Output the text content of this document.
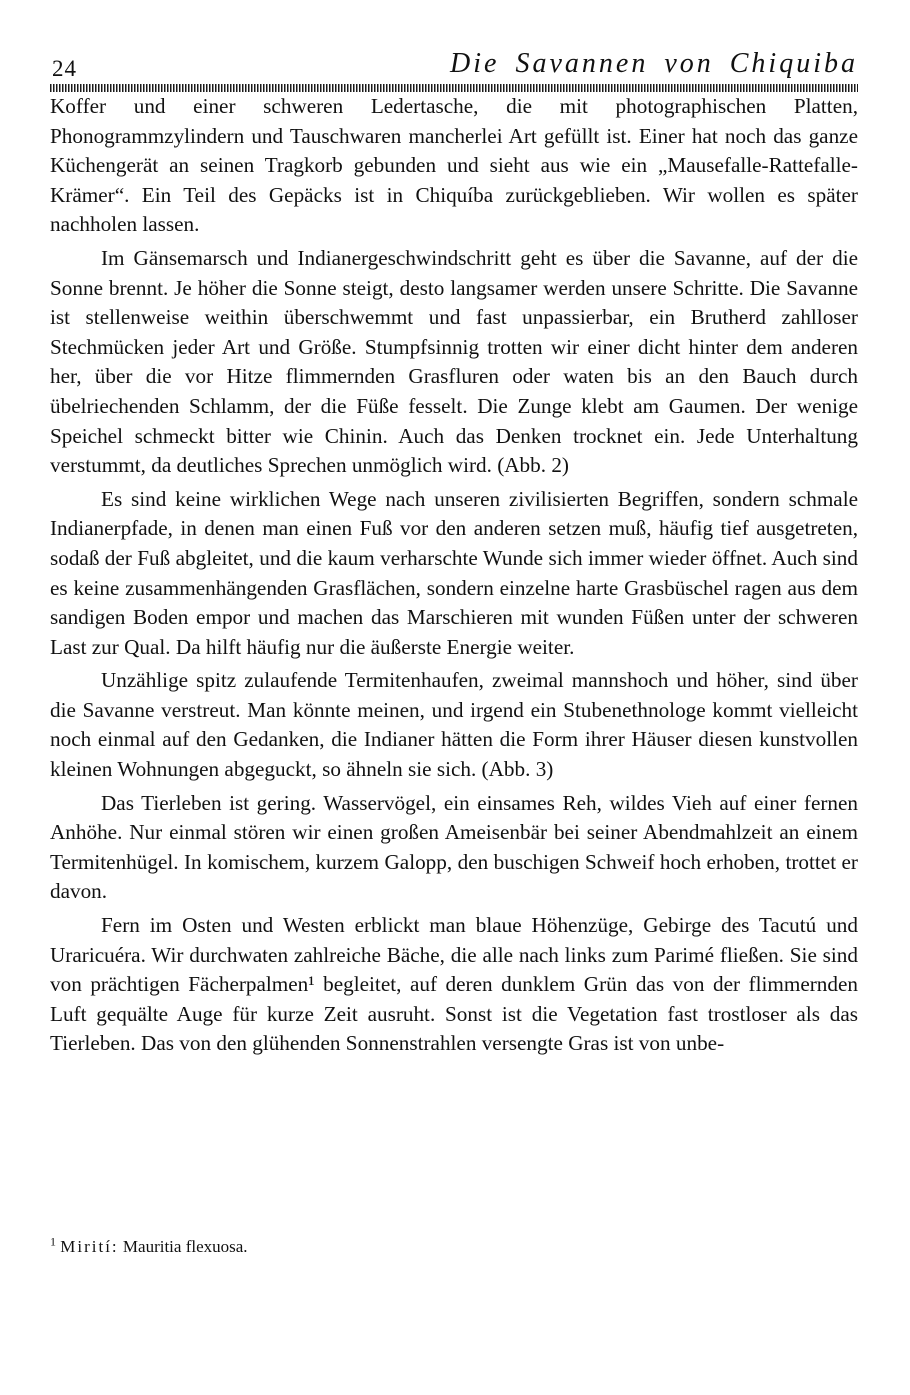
24	Die Savannen von Chiquiba

Koffer und einer schweren Ledertasche, die mit photographischen Platten, Phonogrammzylindern und Tauschwaren mancherlei Art gefüllt ist. Einer hat noch das ganze Küchengerät an seinen Tragkorb gebunden und sieht aus wie ein „Mausefalle-Rattefalle-Krämer“. Ein Teil des Gepäcks ist in Chiquíba zurückgeblieben. Wir wollen es später nachholen lassen.

Im Gänsemarsch und Indianergeschwindschritt geht es über die Savanne, auf der die Sonne brennt. Je höher die Sonne steigt, desto langsamer werden unsere Schritte. Die Savanne ist stellenweise weithin überschwemmt und fast unpassierbar, ein Brutherd zahlloser Stechmücken jeder Art und Größe. Stumpfsinnig trotten wir einer dicht hinter dem anderen her, über die vor Hitze flimmernden Grasfluren oder waten bis an den Bauch durch übelriechenden Schlamm, der die Füße fesselt. Die Zunge klebt am Gaumen. Der wenige Speichel schmeckt bitter wie Chinin. Auch das Denken trocknet ein. Jede Unterhaltung verstummt, da deutliches Sprechen unmöglich wird. (Abb. 2)

Es sind keine wirklichen Wege nach unseren zivilisierten Begriffen, sondern schmale Indianerpfade, in denen man einen Fuß vor den anderen setzen muß, häufig tief ausgetreten, sodaß der Fuß abgleitet, und die kaum verharschte Wunde sich immer wieder öffnet. Auch sind es keine zusammenhängenden Grasflächen, sondern einzelne harte Grasbüschel ragen aus dem sandigen Boden empor und machen das Marschieren mit wunden Füßen unter der schweren Last zur Qual. Da hilft häufig nur die äußerste Energie weiter.

Unzählige spitz zulaufende Termitenhaufen, zweimal mannshoch und höher, sind über die Savanne verstreut. Man könnte meinen, und irgend ein Stubenethnologe kommt vielleicht noch einmal auf den Gedanken, die Indianer hätten die Form ihrer Häuser diesen kunstvollen kleinen Wohnungen abgeguckt, so ähneln sie sich. (Abb. 3)

Das Tierleben ist gering. Wasservögel, ein einsames Reh, wildes Vieh auf einer fernen Anhöhe. Nur einmal stören wir einen großen Ameisenbär bei seiner Abendmahlzeit an einem Termitenhügel. In komischem, kurzem Galopp, den buschigen Schweif hoch erhoben, trottet er davon.

Fern im Osten und Westen erblickt man blaue Höhenzüge, Gebirge des Tacutú und Uraricuéra. Wir durchwaten zahlreiche Bäche, die alle nach links zum Parimé fließen. Sie sind von prächtigen Fächerpalmen¹ begleitet, auf deren dunklem Grün das von der flimmernden Luft gequälte Auge für kurze Zeit ausruht. Sonst ist die Vegetation fast trostloser als das Tierleben. Das von den glühenden Sonnenstrahlen versengte Gras ist von unbe-

$^1$ Mirití: Mauritia flexuosa.
